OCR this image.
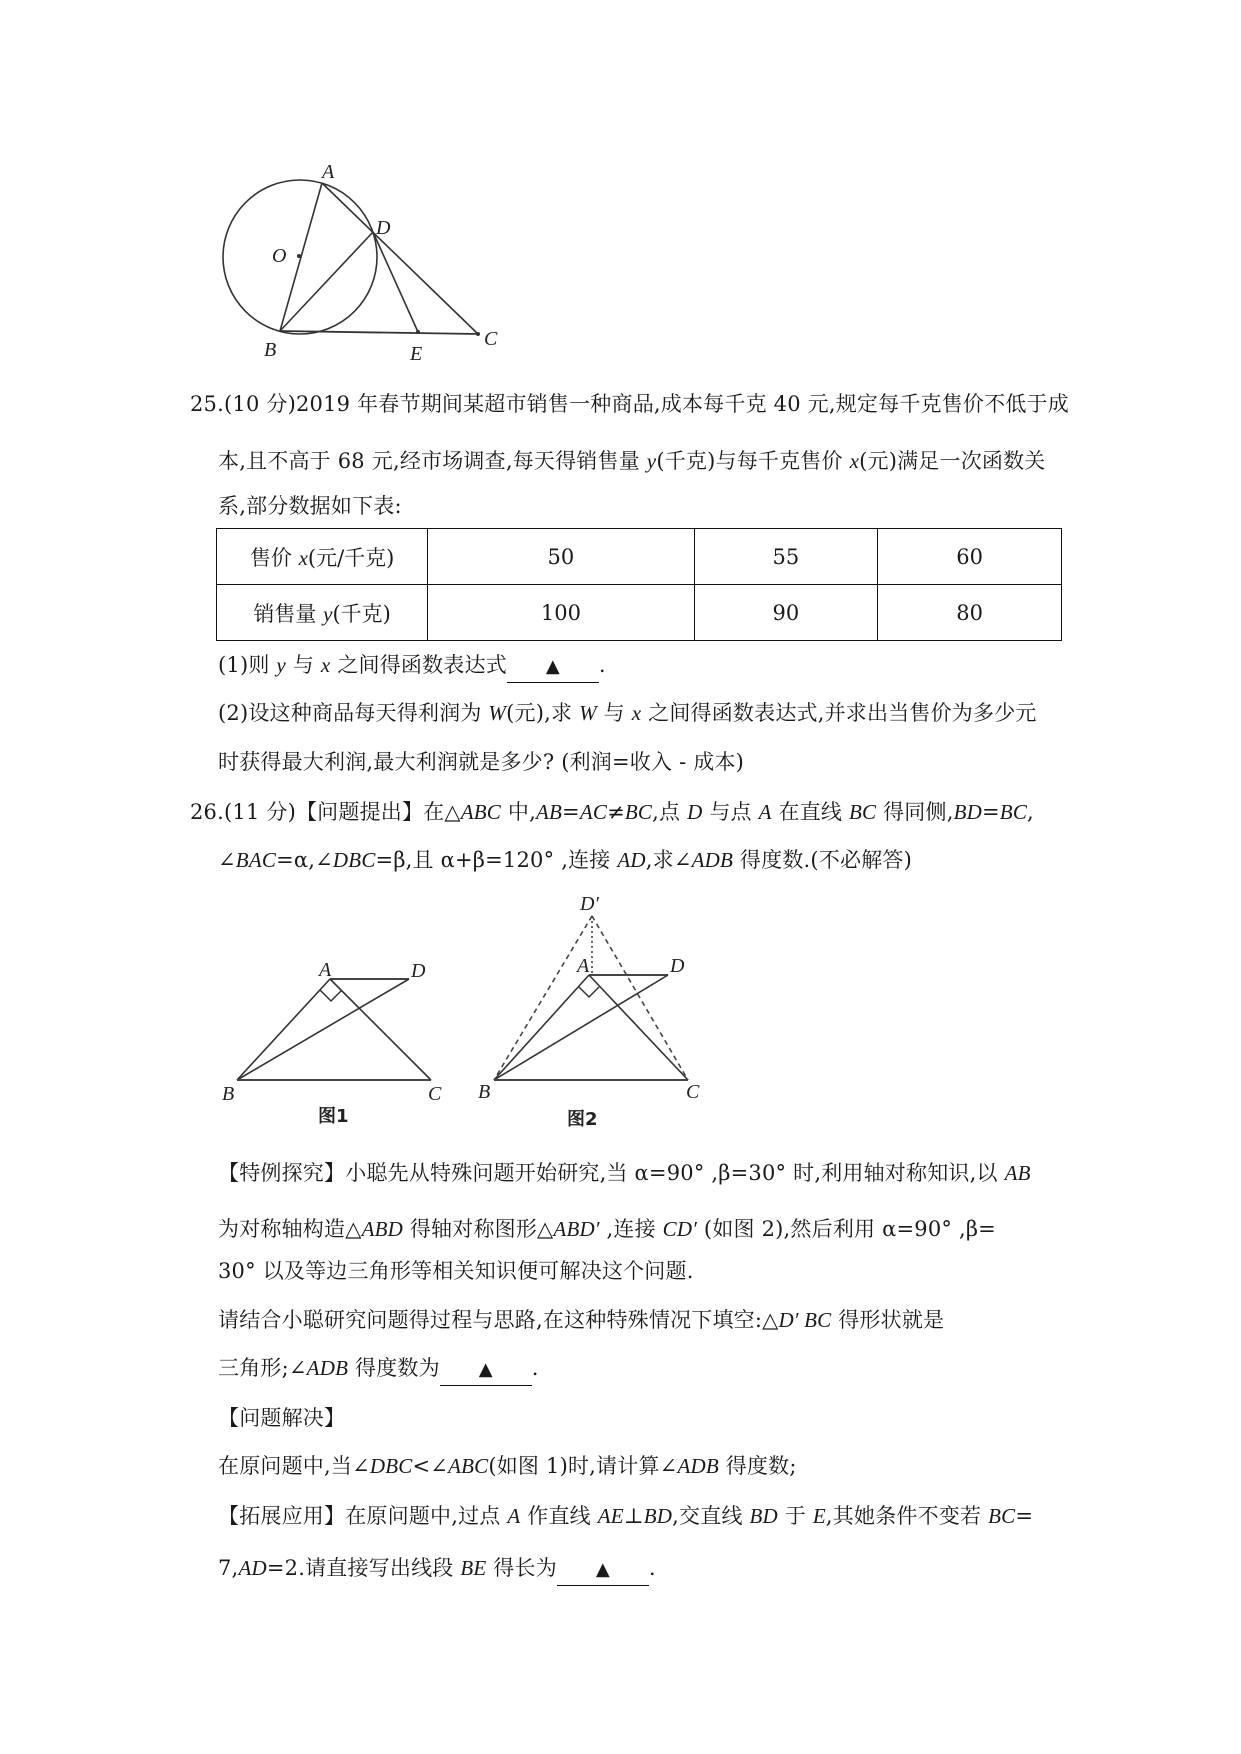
A
O
D
B	E
C
25.(10 分)2019 年春节期间某超市销售一种商品,成本每千克 40 元,规定每千克售价不低于成
本,且不高于 68 元,经市场调查,每天得销售量 y(千克)与每千克售价 x(元)满足一次函数关
系,部分数据如下表:
售价 x(元/千克)	50	55	60
销售量 y(千克)	100	90	80
(1)则 y 与 x 之间得函数表达式 ▲ .
(2)设这种商品每天得利润为 W(元),求 W 与 x 之间得函数表达式,并求出当售价为多少元
时获得最大利润,最大利润就是多少? (利润=收入 - 成本)
26.(11 分)【问题提出】在△ABC 中,AB=AC≠BC,点 D 与点 A 在直线 BC 得同侧,BD=BC,
∠BAC=α,∠DBC=β,且 α+β=120° ,连接 AD,求∠ADB 得度数.(不必解答)
A	D
B	C
图1
D′
A	D
B	C
图2
【特例探究】小聪先从特殊问题开始研究,当 α=90° ,β=30° 时,利用轴对称知识,以 AB
为对称轴构造△ABD 得轴对称图形△ABD′ ,连接 CD′ (如图 2),然后利用 α=90° ,β=
30° 以及等边三角形等相关知识便可解决这个问题.
请结合小聪研究问题得过程与思路,在这种特殊情况下填空:△D′ BC 得形状就是
三角形;∠ADB 得度数为 ▲ .
【问题解决】
在原问题中,当∠DBC<∠ABC(如图 1)时,请计算∠ADB 得度数;
【拓展应用】在原问题中,过点 A 作直线 AE⊥BD,交直线 BD 于 E,其她条件不变若 BC=
7,AD=2.请直接写出线段 BE 得长为 ▲ .
